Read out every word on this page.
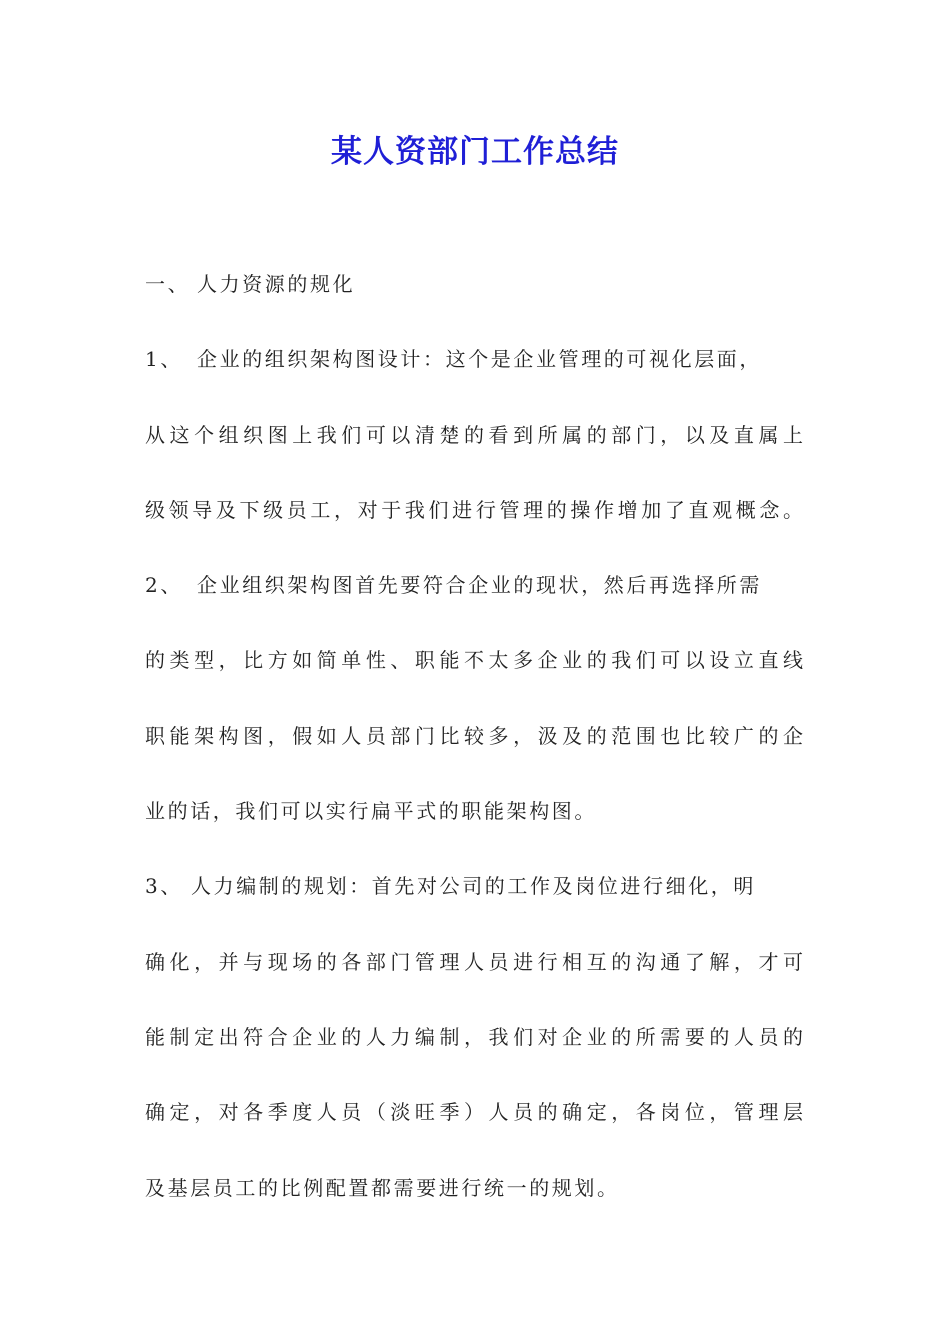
某人资部门工作总结
一、 人力资源的规化
1、 企业的组织架构图设计：这个是企业管理的可视化层面，
从这个组织图上我们可以清楚的看到所属的部门，以及直属上
级领导及下级员工，对于我们进行管理的操作增加了直观概念。
2、 企业组织架构图首先要符合企业的现状，然后再选择所需
的类型，比方如简单性、职能不太多企业的我们可以设立直线
职能架构图，假如人员部门比较多，汲及的范围也比较广的企
业的话，我们可以实行扁平式的职能架构图。
3、 人力编制的规划：首先对公司的工作及岗位进行细化，明
确化，并与现场的各部门管理人员进行相互的沟通了解，才可
能制定出符合企业的人力编制，我们对企业的所需要的人员的
确定，对各季度人员（淡旺季）人员的确定，各岗位，管理层
及基层员工的比例配置都需要进行统一的规划。
